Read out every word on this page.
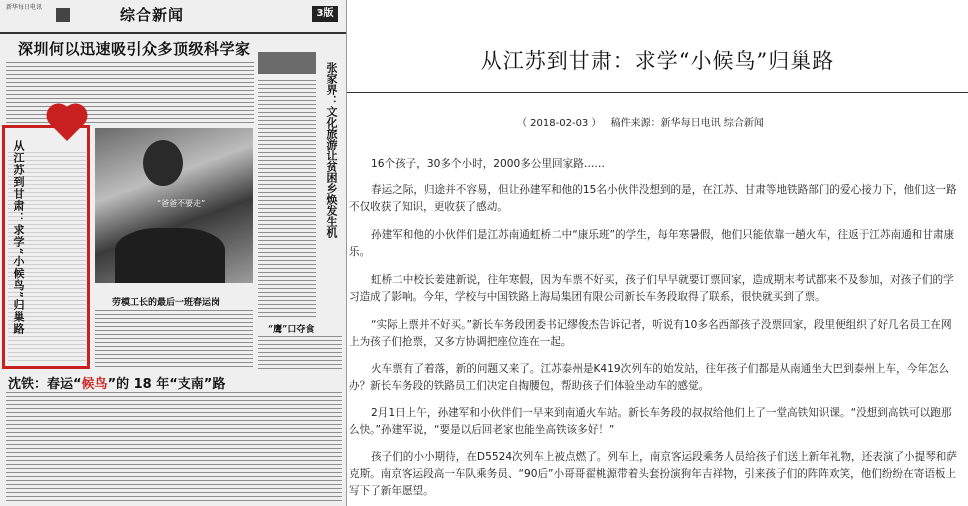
新华每日电讯	综合新闻	3版
深圳何以迅速吸引众多顶级科学家
张家界：文化旅游让贫困乡焕发生机
“爸爸不要走”
劳模工长的最后一班春运岗
“鹰”口夺食
从江苏到甘肃：求学“小候鸟”归巢路
沈铁：春运“候鸟”的 18 年“支南”路
从江苏到甘肃：求学“小候鸟”归巢路
（ 2018-02-03 ） 稿件来源：新华每日电讯 综合新闻
16个孩子，30多个小时，2000多公里回家路……
春运之际，归途并不容易，但让孙建军和他的15名小伙伴没想到的是，在江苏、甘肃等地铁路部门的爱心接力下，他们这一路不仅收获了知识，更收获了感动。
孙建军和他的小伙伴们是江苏南通虹桥二中“康乐班”的学生，每年寒暑假，他们只能依靠一趟火车，往返于江苏南通和甘肃康乐。
虹桥二中校长姜建新说，往年寒假，因为车票不好买，孩子们早早就要订票回家，造成期末考试都来不及参加，对孩子们的学习造成了影响。今年，学校与中国铁路上海局集团有限公司新长车务段取得了联系，很快就买到了票。
“实际上票并不好买。”新长车务段团委书记缪俊杰告诉记者，听说有10多名西部孩子没票回家，段里便组织了好几名员工在网上为孩子们抢票，又多方协调把座位连在一起。
火车票有了着落，新的问题又来了。江苏泰州是K419次列车的始发站，往年孩子们都是从南通坐大巴到泰州上车，今年怎么办？新长车务段的铁路员工们决定自掏腰包，帮助孩子们体验坐动车的感觉。
2月1日上午，孙建军和小伙伴们一早来到南通火车站。新长车务段的叔叔给他们上了一堂高铁知识课。“没想到高铁可以跑那么快。”孙建军说，“要是以后回老家也能坐高铁该多好！”
孩子们的小小期待，在D5524次列车上被点燃了。列车上，南京客运段乘务人员给孩子们送上新年礼物，还表演了小提琴和萨克斯。南京客运段高一车队乘务员、“90后”小哥哥翟桃源带着头套扮演狗年吉祥物，引来孩子们的阵阵欢笑，他们纷纷在寄语板上写下了新年愿望。
